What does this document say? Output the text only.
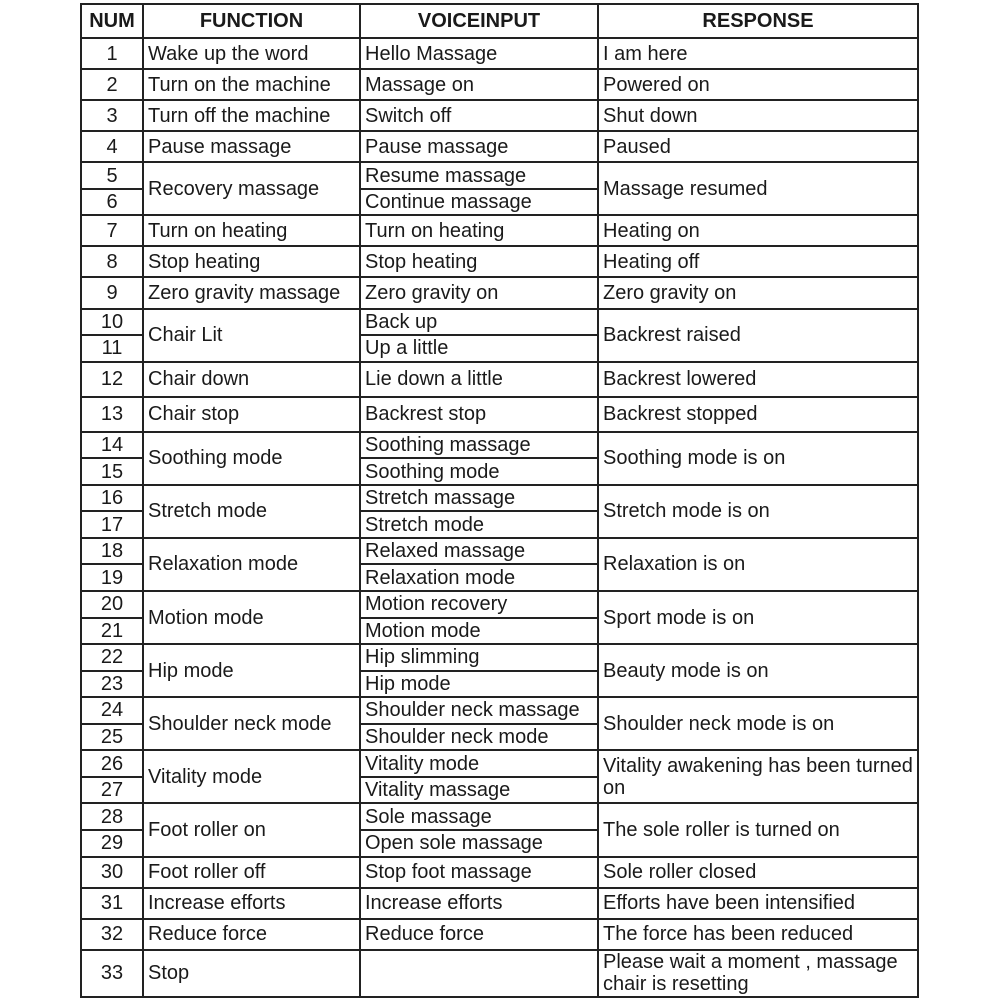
NUM	FUNCTION	VOICEINPUT	RESPONSE
1	Wake up the word	Hello Massage	I am here
2	Turn on the machine	Massage on	Powered on
3	Turn off the machine	Switch off	Shut down
4	Pause massage	Pause massage	Paused
5	Recovery massage	Resume massage	Massage resumed
6		Continue massage	
7	Turn on heating	Turn on heating	Heating on
8	Stop heating	Stop heating	Heating off
9	Zero gravity massage	Zero gravity on	Zero gravity on
10	Chair Lit	Back up	Backrest raised
11		Up a little	
12	Chair down	Lie down a little	Backrest lowered
13	Chair stop	Backrest stop	Backrest stopped
14	Soothing mode	Soothing massage	Soothing mode is on
15		Soothing mode	
16	Stretch mode	Stretch massage	Stretch mode is on
17		Stretch mode	
18	Relaxation mode	Relaxed massage	Relaxation is on
19		Relaxation mode	
20	Motion mode	Motion recovery	Sport mode is on
21		Motion mode	
22	Hip mode	Hip slimming	Beauty mode is on
23		Hip mode	
24	Shoulder neck mode	Shoulder neck massage	Shoulder neck mode is on
25		Shoulder neck mode	
26	Vitality mode	Vitality mode	Vitality awakening has been turned on
27		Vitality massage	
28	Foot roller on	Sole massage	The sole roller is turned on
29		Open sole massage	
30	Foot roller off	Stop foot massage	Sole roller closed
31	Increase efforts	Increase efforts	Efforts have been intensified
32	Reduce force	Reduce force	The force has been reduced
33	Stop		Please wait a moment , massage chair is resetting
